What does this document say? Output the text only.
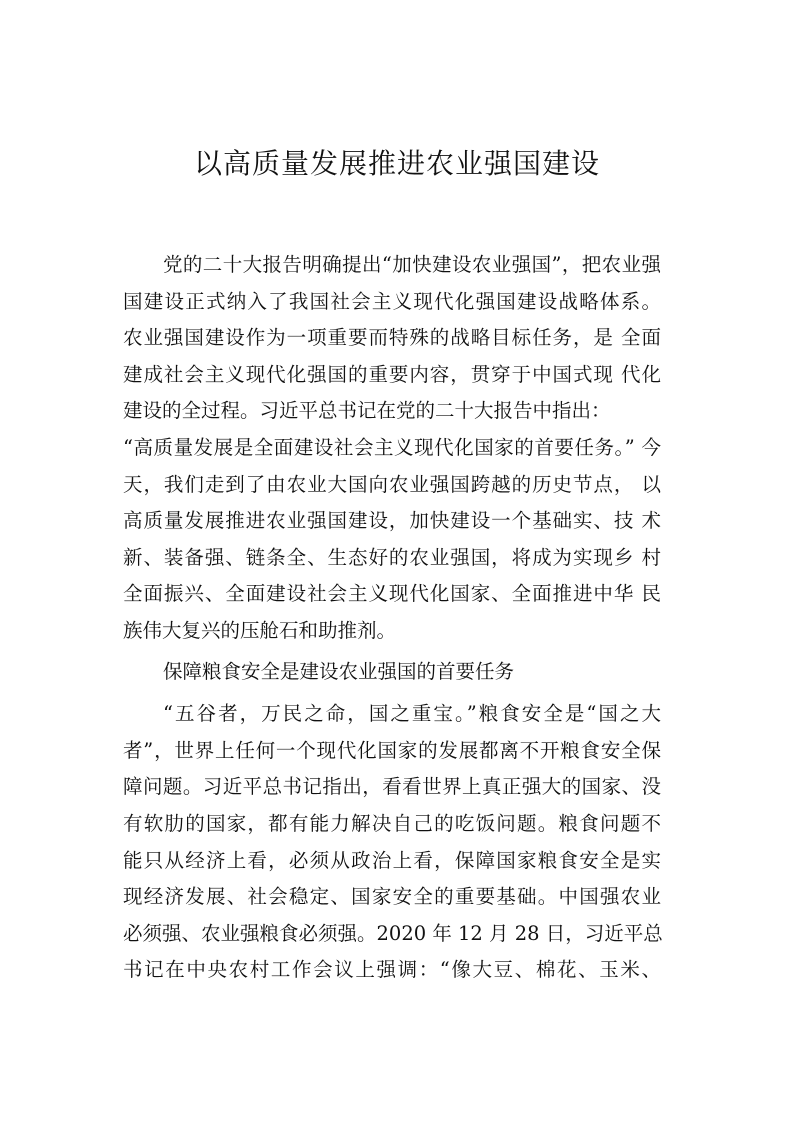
以高质量发展推进农业强国建设
党的二十大报告明确提出“加快建设农业强国”，把农业强
国建设正式纳入了我国社会主义现代化强国建设战略体系。
农业强国建设作为一项重要而特殊的战略目标任务，是 全面
建成社会主义现代化强国的重要内容，贯穿于中国式现 代化
建设的全过程。习近平总书记在党的二十大报告中指出：
“高质量发展是全面建设社会主义现代化国家的首要任务。” 今
天，我们走到了由农业大国向农业强国跨越的历史节点， 以
高质量发展推进农业强国建设，加快建设一个基础实、技 术
新、装备强、链条全、生态好的农业强国，将成为实现乡 村
全面振兴、全面建设社会主义现代化国家、全面推进中华 民
族伟大复兴的压舱石和助推剂。
保障粮食安全是建设农业强国的首要任务
“五谷者，万民之命，国之重宝。”粮食安全是“国之大
者”，世界上任何一个现代化国家的发展都离不开粮食安全保
障问题。习近平总书记指出，看看世界上真正强大的国家、没
有软肋的国家，都有能力解决自己的吃饭问题。粮食问题不
能只从经济上看，必须从政治上看，保障国家粮食安全是实
现经济发展、社会稳定、国家安全的重要基础。中国强农业
必须强、农业强粮食必须强。2020 年 12 月 28 日，习近平总
书记在中央农村工作会议上强调：“像大豆、棉花、玉米、
